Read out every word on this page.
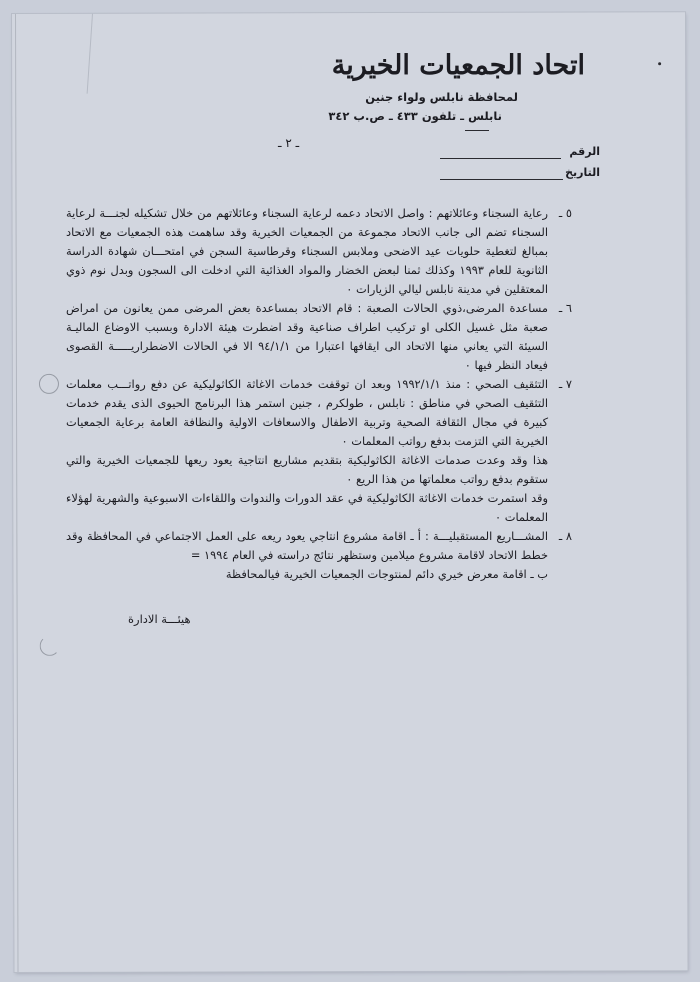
اتحاد الجمعيات الخيرية
لمحافظة نابلس ولواء جنين
نابلس ـ تلفون ٤٣٣ ـ ص.ب ٣٤٢
ـ ٢ ـ
الرقم
التاريخ
٥ ـ

رعاية السجناء وعائلاتهم : واصل الاتحاد دعمه لرعاية السجناء وعائلاتهم من خلال تشكيله لجنـــة لرعاية السجناء تضم الى جانب الاتحاد مجموعة من الجمعيات الخيرية وقد ساهمت هذه الجمعيات مع الاتحاد بمبالغ لتغطية حلويات عيد الاضحى وملابس السجناء وقرطاسية السجن في امتحـــان شهادة الدراسة الثانوية للعام ١٩٩٣ وكذلك ثمنا لبعض الخضار والمواد الغذائية التي ادخلت الى السجون وبدل نوم ذوي المعتقلين في مدينة نابلس ليالي الزيارات ٠

٦ ـ

مساعدة المرضى،ذوي الحالات الصعبة : قام الاتحاد بمساعدة بعض المرضى ممن يعانون من امراض صعبة مثل غسيل الكلى او تركيب اطراف صناعية وقد اضطرت هيئة الادارة وبسبب الاوضاع الماليـة السيئة التي يعاني منها الاتحاد الى ايقافها اعتبارا من ٩٤/١/١ الا في الحالات الاضطراريـــــة القصوى فيعاد النظر فيها ٠

٧ ـ

التثقيف الصحي : منذ ١٩٩٢/١/١ وبعد ان توقفت خدمات الاغاثة الكاثوليكية عن دفع رواتـــب معلمات التثقيف الصحي في مناطق : نابلس ، طولكرم ، جنين استمر هذا البرنامج الحيوى الذى يقدم خدمات كبيرة في مجال الثقافة الصحية وتربية الاطفال والاسعافات الاولية والنظافة العامة برعاية الجمعيات الخيرية التي التزمت بدفع رواتب المعلمات ٠

هذا وقد وعدت صدمات الاغاثة الكاثوليكية بتقديم مشاريع انتاجية يعود ريعها للجمعيات الخيرية والتي ستقوم بدفع رواتب معلماتها من هذا الريع ٠

وقد استمرت خدمات الاغاثة الكاثوليكية في عقد الدورات والندوات واللقاءات الاسبوعية والشهرية لهؤلاء المعلمات ٠

٨ ـ

المشـــاريع المستقبليـــة : أ ـ اقامة مشروع انتاجي يعود ريعه على العمل الاجتماعي في المحافظة وقد خطط الاتحاد لاقامة مشروع ميلامين وستظهر نتائج دراسته في العام ١٩٩٤ =

ب ـ اقامة معرض خيري دائم لمنتوجات الجمعيات الخيرية فيالمحافظة

هيئـــة الادارة
